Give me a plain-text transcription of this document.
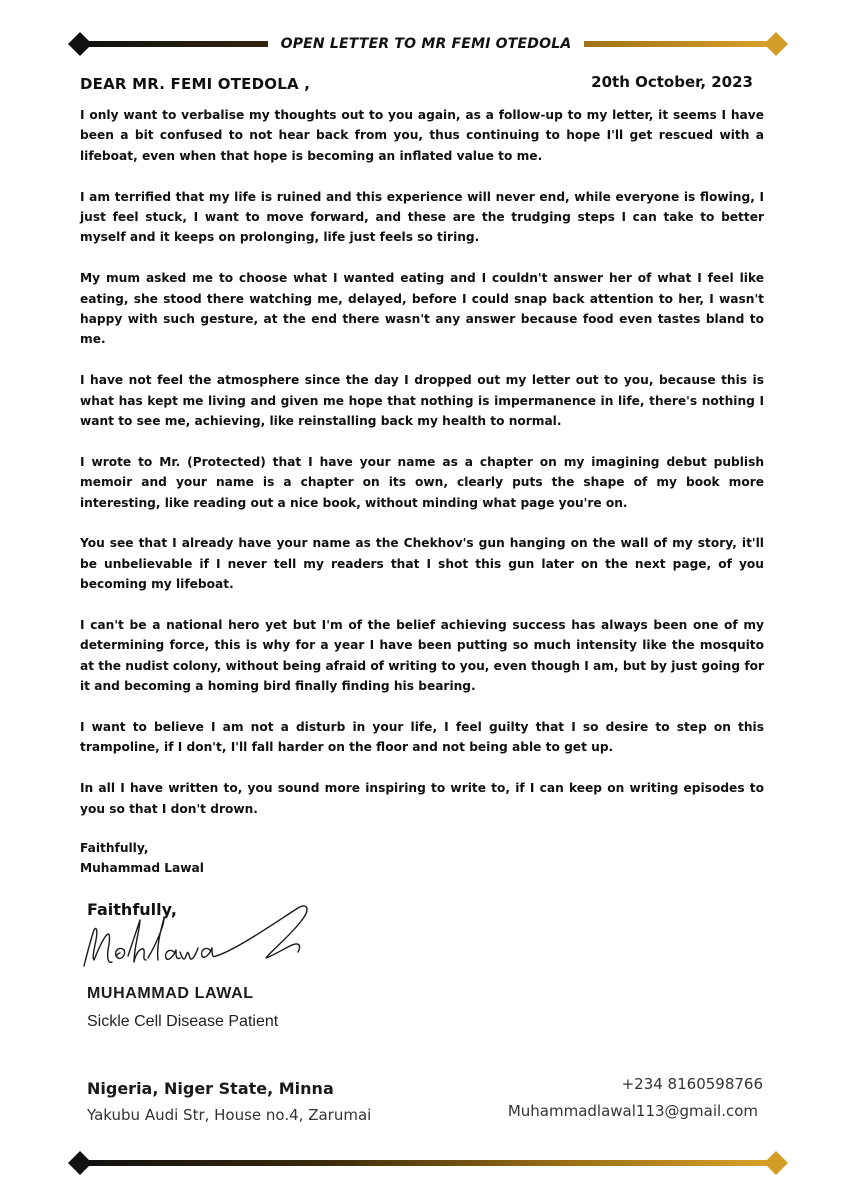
OPEN LETTER TO MR FEMI OTEDOLA
DEAR MR. FEMI OTEDOLA ,	20th October, 2023

I only want to verbalise my thoughts out to you again, as a follow-up to my letter, it seems I have been a bit confused to not hear back from you, thus continuing to hope I'll get rescued with a lifeboat, even when that hope is becoming an inflated value to me.

I am terrified that my life is ruined and this experience will never end, while everyone is flowing, I just feel stuck, I want to move forward, and these are the trudging steps I can take to better myself and it keeps on prolonging, life just feels so tiring.

My mum asked me to choose what I wanted eating and I couldn't answer her of what I feel like eating, she stood there watching me, delayed, before I could snap back attention to her, I wasn't happy with such gesture, at the end there wasn't any answer because food even tastes bland to me.

I have not feel the atmosphere since the day I dropped out my letter out to you, because this is what has kept me living and given me hope that nothing is impermanence in life, there's nothing I want to see me, achieving, like reinstalling back my health to normal.

I wrote to Mr. (Protected) that I have your name as a chapter on my imagining debut publish memoir and your name is a chapter on its own, clearly puts the shape of my book more interesting, like reading out a nice book, without minding what page you're on.

You see that I already have your name as the Chekhov's gun hanging on the wall of my story, it'll be unbelievable if I never tell my readers that I shot this gun later on the next page, of you becoming my lifeboat.

I can't be a national hero yet but I'm of the belief achieving success has always been one of my determining force, this is why for a year I have been putting so much intensity like the mosquito at the nudist colony, without being afraid of writing to you, even though I am, but by just going for it and becoming a homing bird finally finding his bearing.

I want to believe I am not a disturb in your life, I feel guilty that I so desire to step on this trampoline, if I don't, I'll fall harder on the floor and not being able to get up.

In all I have written to, you sound more inspiring to write to, if I can keep on writing episodes to you so that I don't drown.

Faithfully,
Muhammad Lawal
Faithfully,
MUHAMMAD LAWAL
Sickle Cell Disease Patient
Nigeria, Niger State, Minna
Yakubu Audi Str, House no.4, Zarumai
+234 8160598766
Muhammadlawal113@gmail.com
